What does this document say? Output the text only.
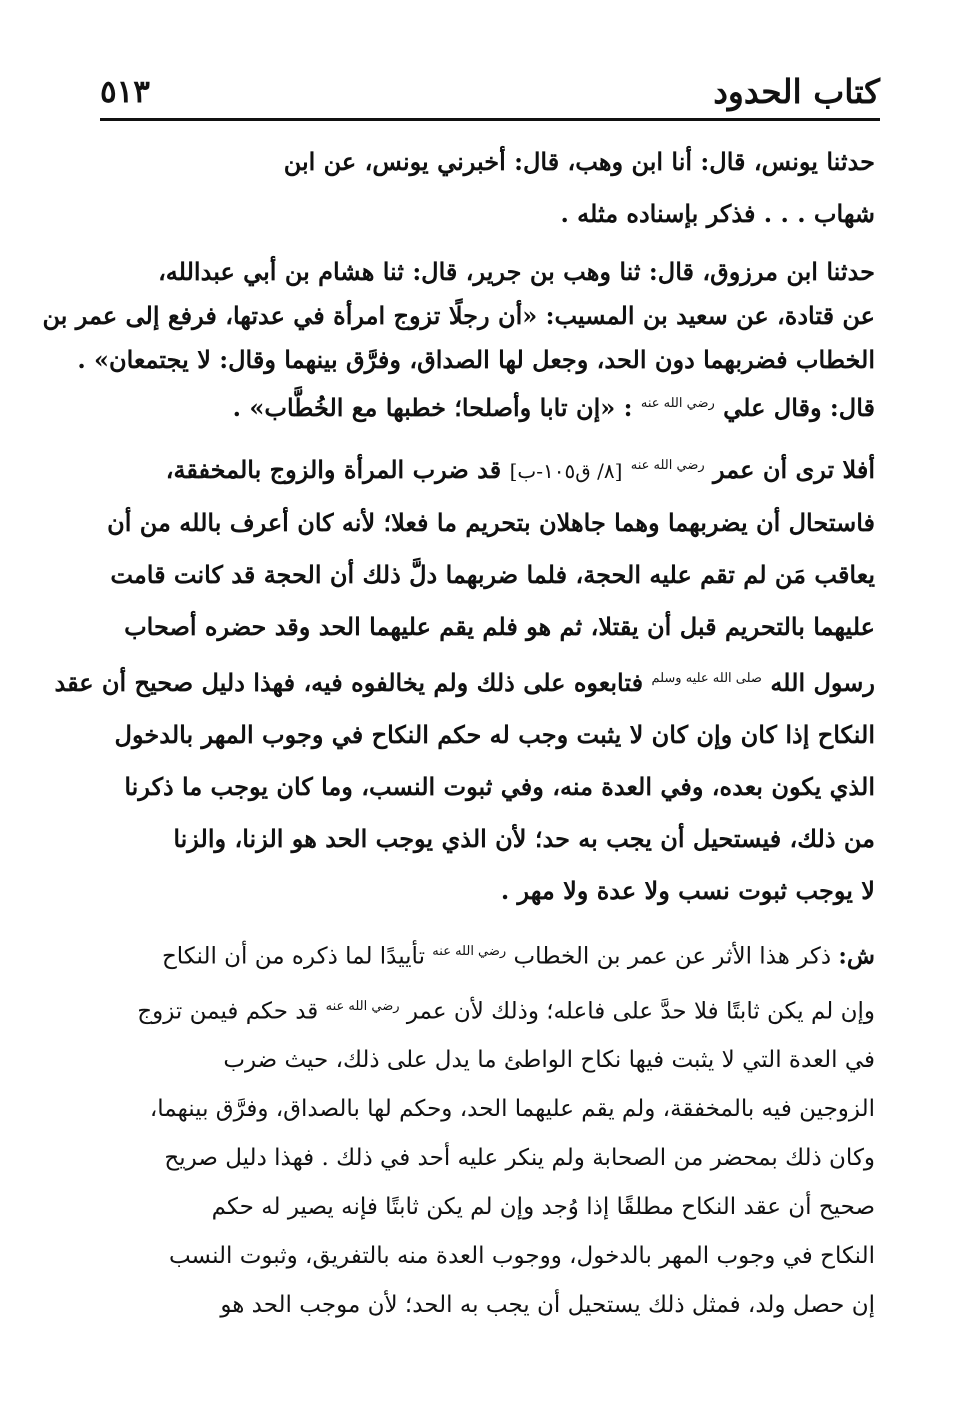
كتاب الحدود
٥١٣
حدثنا يونس، قال: أنا ابن وهب، قال: أخبرني يونس، عن ابن
شهاب . . . فذكر بإسناده مثله .
حدثنا ابن مرزوق، قال: ثنا وهب بن جرير، قال: ثنا هشام بن أبي عبدالله،
عن قتادة، عن سعيد بن المسيب: «أن رجلًا تزوج امرأة في عدتها، فرفع إلى عمر بن
الخطاب فضربهما دون الحد، وجعل لها الصداق، وفرَّق بينهما وقال: لا يجتمعان» .
قال: وقال علي $^{رضي الله عنه}$ : «إن تابا وأصلحا؛ خطبها مع الخُطَّاب» .
أفلا ترى أن عمر $^{رضي الله عنه}$ [٨/ ق١٠٥-ب] قد ضرب المرأة والزوج بالمخفقة،
فاستحال أن يضربهما وهما جاهلان بتحريم ما فعلا؛ لأنه كان أعرف بالله من أن
يعاقب مَن لم تقم عليه الحجة، فلما ضربهما دلَّ ذلك أن الحجة قد كانت قامت
عليهما بالتحريم قبل أن يقتلا، ثم هو فلم يقم عليهما الحد وقد حضره أصحاب
رسول الله $^{صلى الله عليه وسلم}$ فتابعوه على ذلك ولم يخالفوه فيه، فهذا دليل صحيح أن عقد
النكاح إذا كان وإن كان لا يثبت وجب له حكم النكاح في وجوب المهر بالدخول
الذي يكون بعده، وفي العدة منه، وفي ثبوت النسب، وما كان يوجب ما ذكرنا
من ذلك، فيستحيل أن يجب به حد؛ لأن الذي يوجب الحد هو الزنا، والزنا
لا يوجب ثبوت نسب ولا عدة ولا مهر .
ش: ذكر هذا الأثر عن عمر بن الخطاب $^{رضي الله عنه}$ تأييدًا لما ذكره من أن النكاح
وإن لم يكن ثابتًا فلا حدَّ على فاعله؛ وذلك لأن عمر $^{رضي الله عنه}$ قد حكم فيمن تزوج
في العدة التي لا يثبت فيها نكاح الواطئ ما يدل على ذلك، حيث ضرب
الزوجين فيه بالمخفقة، ولم يقم عليهما الحد، وحكم لها بالصداق، وفرَّق بينهما،
وكان ذلك بمحضر من الصحابة ولم ينكر عليه أحد في ذلك . فهذا دليل صريح
صحيح أن عقد النكاح مطلقًا إذا وُجد وإن لم يكن ثابتًا فإنه يصير له حكم
النكاح في وجوب المهر بالدخول، ووجوب العدة منه بالتفريق، وثبوت النسب
إن حصل ولد، فمثل ذلك يستحيل أن يجب به الحد؛ لأن موجب الحد هو
